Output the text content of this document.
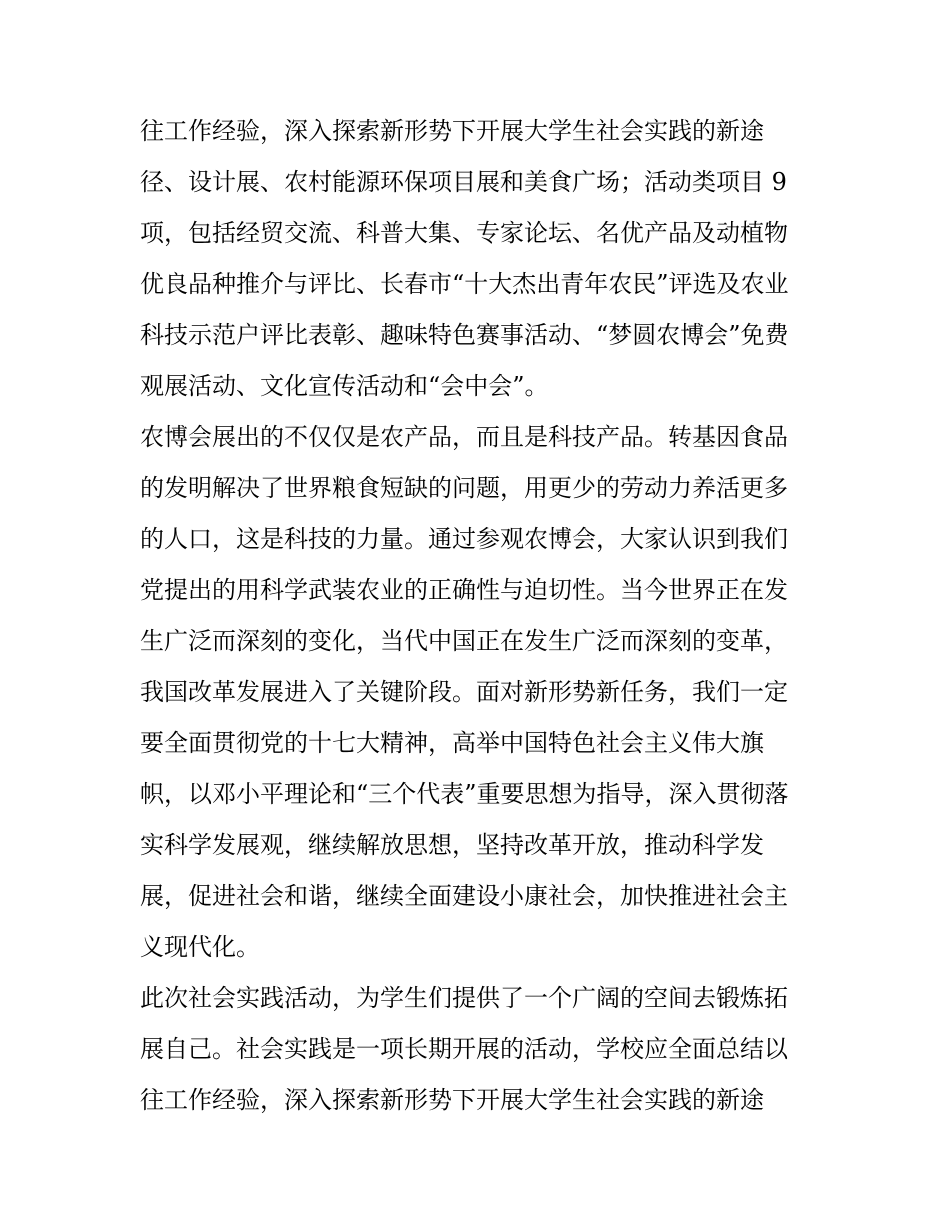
往工作经验，深入探索新形势下开展大学生社会实践的新途
径、设计展、农村能源环保项目展和美食广场；活动类项目 9
项，包括经贸交流、科普大集、专家论坛、名优产品及动植物
优良品种推介与评比、长春市“十大杰出青年农民”评选及农业
科技示范户评比表彰、趣味特色赛事活动、“梦圆农博会”免费
观展活动、文化宣传活动和“会中会”。
农博会展出的不仅仅是农产品，而且是科技产品。转基因食品
的发明解决了世界粮食短缺的问题，用更少的劳动力养活更多
的人口，这是科技的力量。通过参观农博会，大家认识到我们
党提出的用科学武装农业的正确性与迫切性。当今世界正在发
生广泛而深刻的变化，当代中国正在发生广泛而深刻的变革，
我国改革发展进入了关键阶段。面对新形势新任务，我们一定
要全面贯彻党的十七大精神，高举中国特色社会主义伟大旗
帜，以邓小平理论和“三个代表”重要思想为指导，深入贯彻落
实科学发展观，继续解放思想，坚持改革开放，推动科学发
展，促进社会和谐，继续全面建设小康社会，加快推进社会主
义现代化。
此次社会实践活动，为学生们提供了一个广阔的空间去锻炼拓
展自己。社会实践是一项长期开展的活动，学校应全面总结以
往工作经验，深入探索新形势下开展大学生社会实践的新途
